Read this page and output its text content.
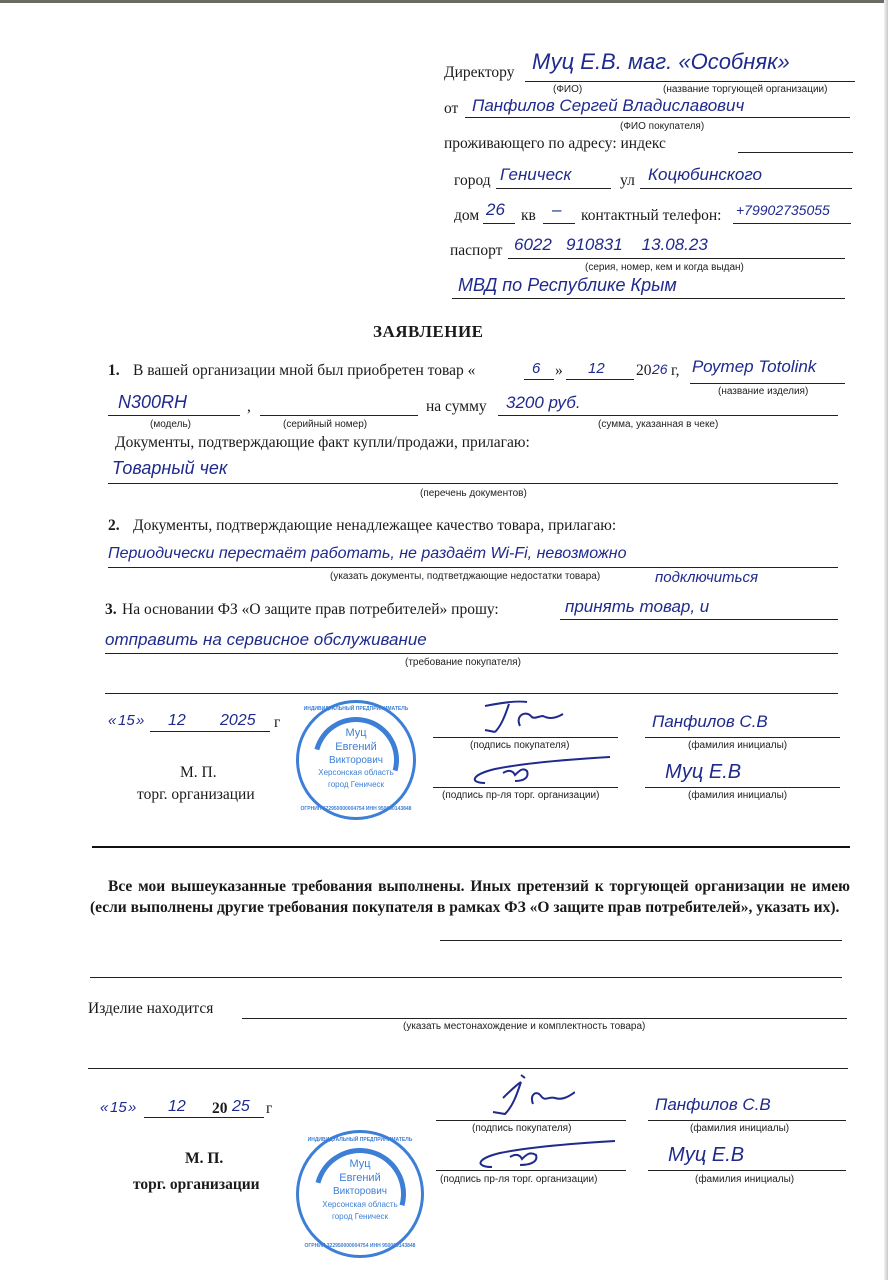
Директору Муц Е.В. маг. «Особняк»
(ФИО)	(название торгующей организации)
от Панфилов Сергей Владиславович
(ФИО покупателя)
проживающего по адресу: индекс
город Геническ	ул Коцюбинского
дом 26 кв – контактный телефон: +79902735055
паспорт 6022   910831    13.08.23
(серия, номер, кем и когда выдан)
МВД по Республике Крым
ЗАЯВЛЕНИЕ
1. В вашей организации мной был приобретен товар «	6 » 12 20 26 г, Роутер Totolink
(название изделия)
N300RH	,	на сумму 3200 руб.
(модель)	(серийный номер)	(сумма, указанная в чеке)
Документы, подтверждающие факт купли/продажи, прилагаю:
Товарный чек
(перечень документов)
2. Документы, подтверждающие ненадлежащее качество товара, прилагаю:
Периодически перестаёт работать, не раздаёт Wi-Fi, невозможно
(указать документы, подтветджающие недостатки товара)	подключиться
3. На основании ФЗ «О защите прав потребителей» прошу:	принять товар, и
отправить на сервисное обслуживание
(требование покупателя)
« 15 » 12 2025 г
ИНДИВИДУАЛЬНЫЙ ПРЕДПРИНИМАТЕЛЬ
Муц
Евгений
Викторович
Херсонская область
город Геническ
ОГРНИП 322950000004754 ИНН 950000143848
М. П.
торг. организации
(подпись покупателя)
Панфилов С.В
(фамилия инициалы)
(подпись пр-ля торг. организации)
Муц Е.В
(фамилия инициалы)
Все мои вышеуказанные требования выполнены. Иных претензий к торгующей организации не имею (если выполнены другие требования покупателя в рамках ФЗ «О защите прав потребителей», указать их).
Изделие находится
(указать местонахождение и комплектность товара)
« 15 » 12 20 25 г
М. П.
торг. организации
ИНДИВИДУАЛЬНЫЙ ПРЕДПРИНИМАТЕЛЬ
Муц
Евгений
Викторович
Херсонская область
город Геническ
ОГРНИП 322950000004754 ИНН 950000143848
(подпись покупателя)
Панфилов С.В
(фамилия инициалы)
(подпись пр-ля торг. организации)
Муц Е.В
(фамилия инициалы)
